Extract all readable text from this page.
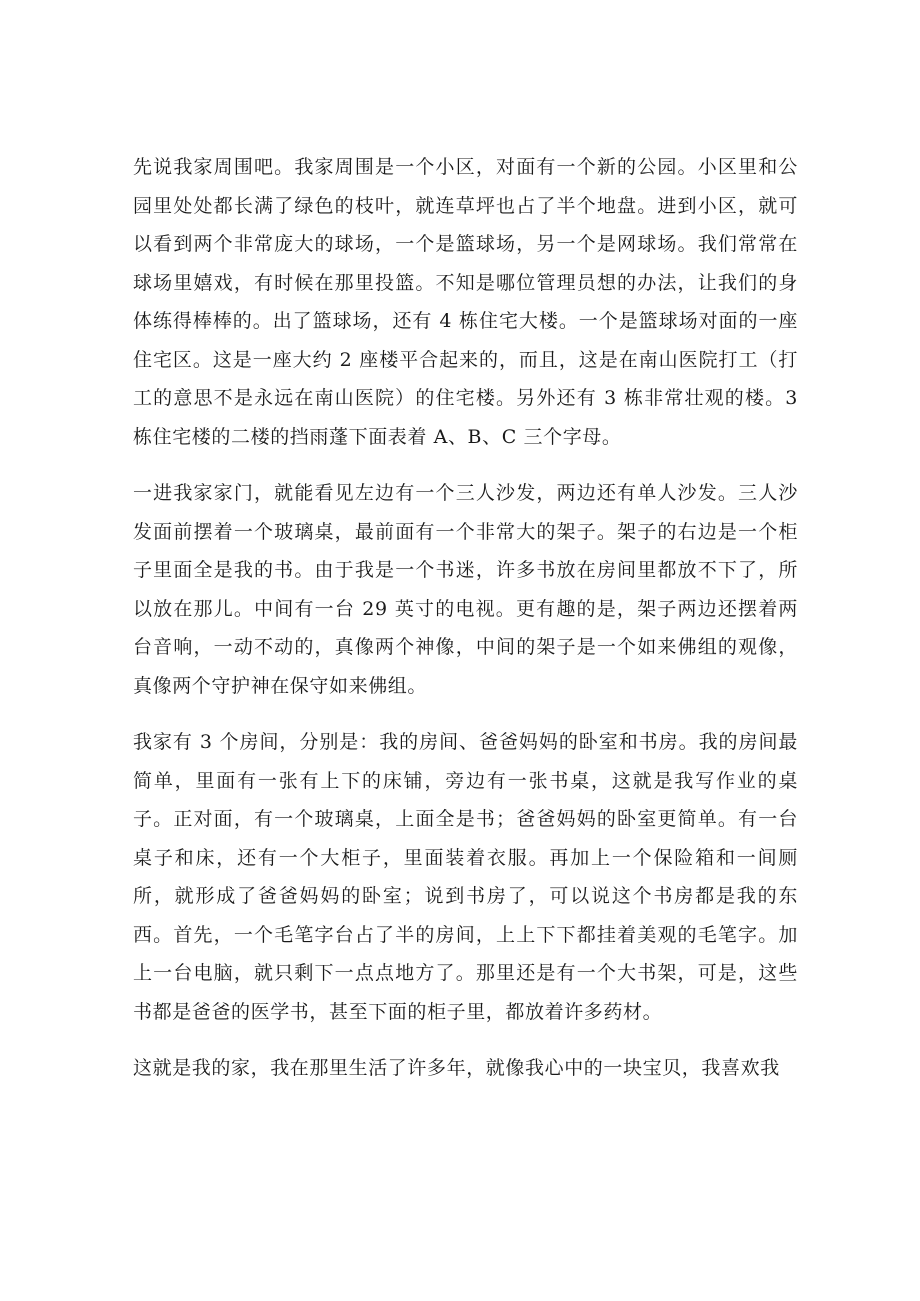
先说我家周围吧。我家周围是一个小区，对面有一个新的公园。小区里和公园里处处都长满了绿色的枝叶，就连草坪也占了半个地盘。进到小区，就可以看到两个非常庞大的球场，一个是篮球场，另一个是网球场。我们常常在球场里嬉戏，有时候在那里投篮。不知是哪位管理员想的办法，让我们的身体练得棒棒的。出了篮球场，还有 4 栋住宅大楼。一个是篮球场对面的一座住宅区。这是一座大约 2 座楼平合起来的，而且，这是在南山医院打工（打工的意思不是永远在南山医院）的住宅楼。另外还有 3 栋非常壮观的楼。3 栋住宅楼的二楼的挡雨蓬下面表着 A、B、C 三个字母。

一进我家家门，就能看见左边有一个三人沙发，两边还有单人沙发。三人沙发面前摆着一个玻璃桌，最前面有一个非常大的架子。架子的右边是一个柜子里面全是我的书。由于我是一个书迷，许多书放在房间里都放不下了，所以放在那儿。中间有一台 29 英寸的电视。更有趣的是，架子两边还摆着两台音响，一动不动的，真像两个神像，中间的架子是一个如来佛组的观像，真像两个守护神在保守如来佛组。

我家有 3 个房间，分别是：我的房间、爸爸妈妈的卧室和书房。我的房间最简单，里面有一张有上下的床铺，旁边有一张书桌，这就是我写作业的桌子。正对面，有一个玻璃桌，上面全是书；爸爸妈妈的卧室更简单。有一台桌子和床，还有一个大柜子，里面装着衣服。再加上一个保险箱和一间厕所，就形成了爸爸妈妈的卧室；说到书房了，可以说这个书房都是我的东西。首先，一个毛笔字台占了半的房间，上上下下都挂着美观的毛笔字。加上一台电脑，就只剩下一点点地方了。那里还是有一个大书架，可是，这些书都是爸爸的医学书，甚至下面的柜子里，都放着许多药材。

这就是我的家，我在那里生活了许多年，就像我心中的一块宝贝，我喜欢我
